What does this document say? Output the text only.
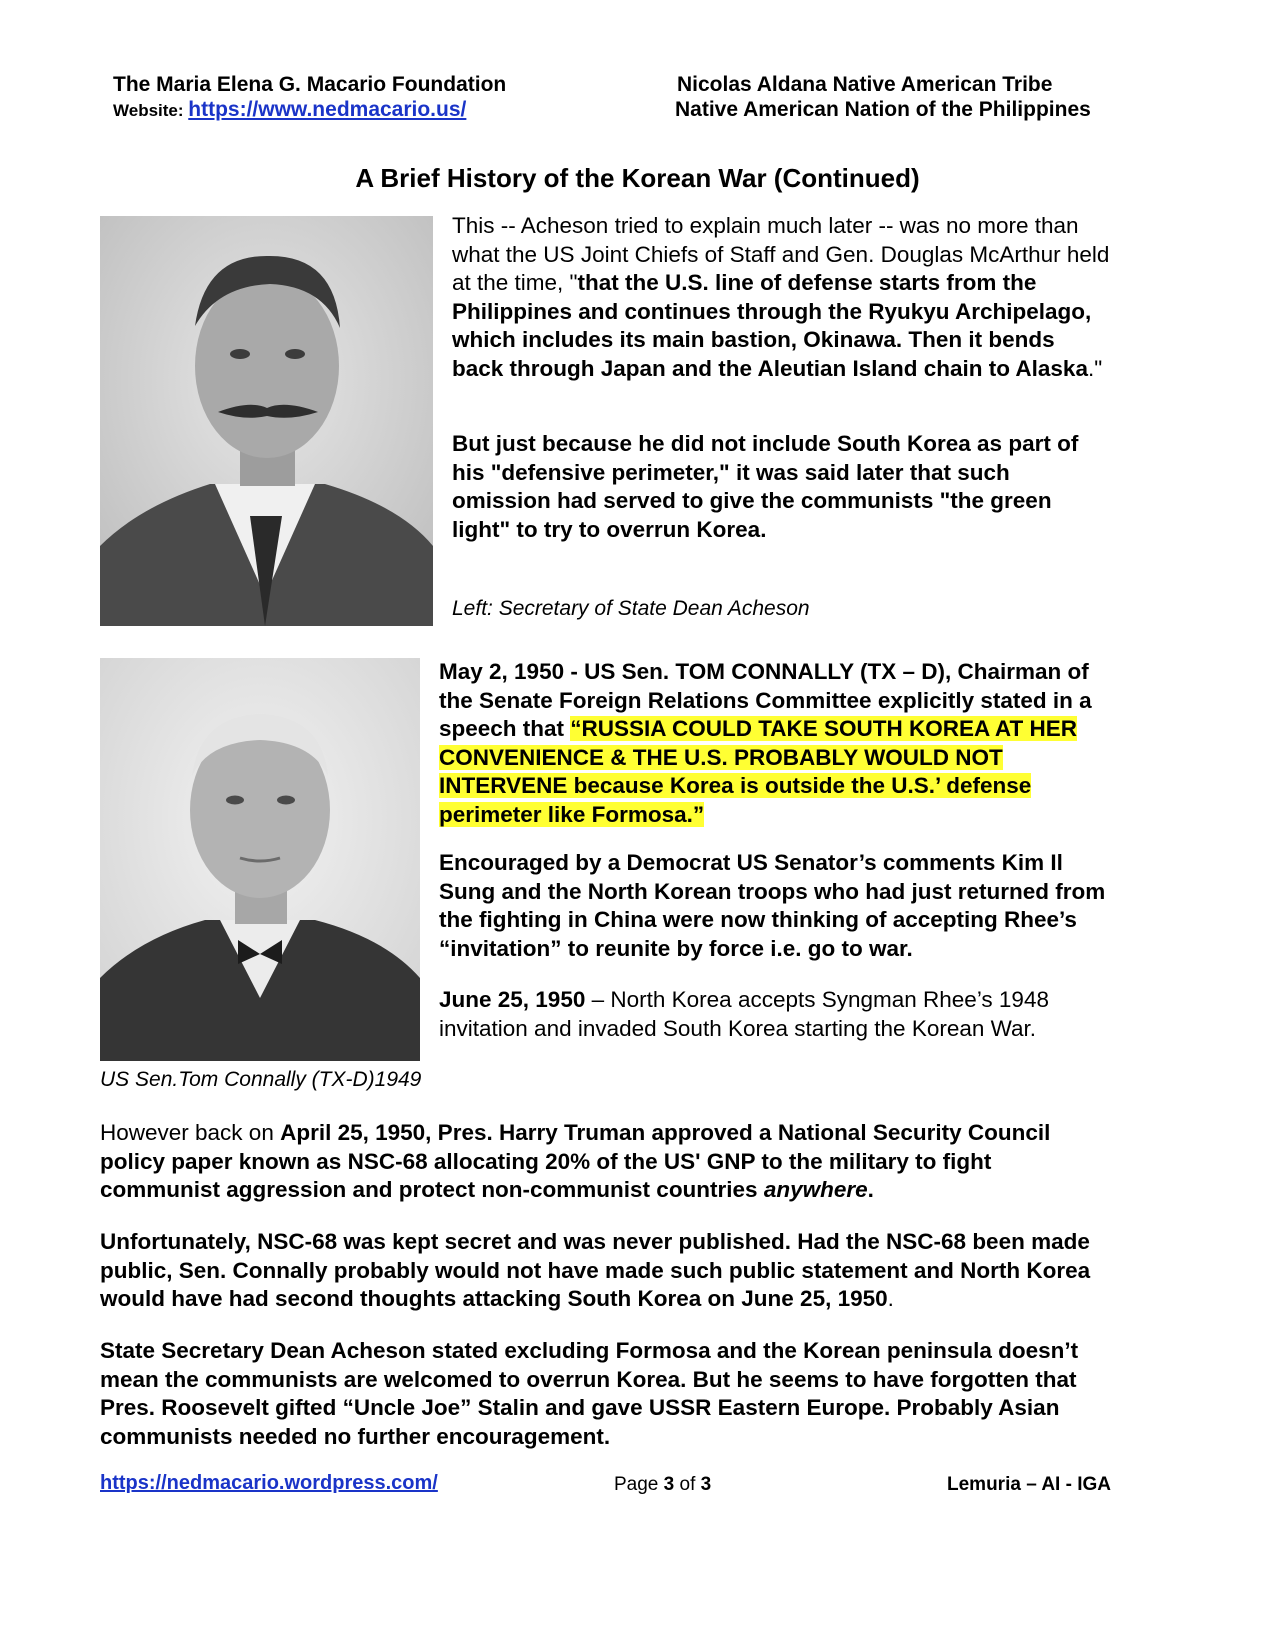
The Maria Elena G. Macario Foundation
Website: https://www.nedmacario.us/
Nicolas Aldana Native American Tribe
Native American Nation of the Philippines
A Brief History of the Korean War (Continued)
This -- Acheson tried to explain much later -- was no more than what the US Joint Chiefs of Staff and Gen. Douglas McArthur held at the time, "that the U.S. line of defense starts from the Philippines and continues through the Ryukyu Archipelago, which includes its main bastion, Okinawa. Then it bends back through Japan and the Aleutian Island chain to Alaska."
But just because he did not include South Korea as part of his "defensive perimeter," it was said later that such omission had served to give the communists "the green light" to try to overrun Korea.
Left: Secretary of State Dean Acheson
US Sen.Tom Connally (TX-D)1949
May 2, 1950 - US Sen. TOM CONNALLY (TX – D), Chairman of the Senate Foreign Relations Committee explicitly stated in a speech that “RUSSIA COULD TAKE SOUTH KOREA AT HER CONVENIENCE & THE U.S. PROBABLY WOULD NOT INTERVENE because Korea is outside the U.S.’ defense perimeter like Formosa.”
Encouraged by a Democrat US Senator’s comments Kim Il Sung and the North Korean troops who had just returned from the fighting in China were now thinking of accepting Rhee’s “invitation” to reunite by force i.e. go to war.
June 25, 1950 – North Korea accepts Syngman Rhee’s 1948 invitation and invaded South Korea starting the Korean War.
However back on April 25, 1950, Pres. Harry Truman approved a National Security Council policy paper known as NSC-68 allocating 20% of the US' GNP to the military to fight communist aggression and protect non-communist countries anywhere.
Unfortunately, NSC-68 was kept secret and was never published. Had the NSC-68 been made public, Sen. Connally probably would not have made such public statement and North Korea would have had second thoughts attacking South Korea on June 25, 1950.
State Secretary Dean Acheson stated excluding Formosa and the Korean peninsula doesn’t mean the communists are welcomed to overrun Korea. But he seems to have forgotten that Pres. Roosevelt gifted “Uncle Joe” Stalin and gave USSR Eastern Europe. Probably Asian communists needed no further encouragement.
https://nedmacario.wordpress.com/	Page 3 of 3	Lemuria – AI - IGA
